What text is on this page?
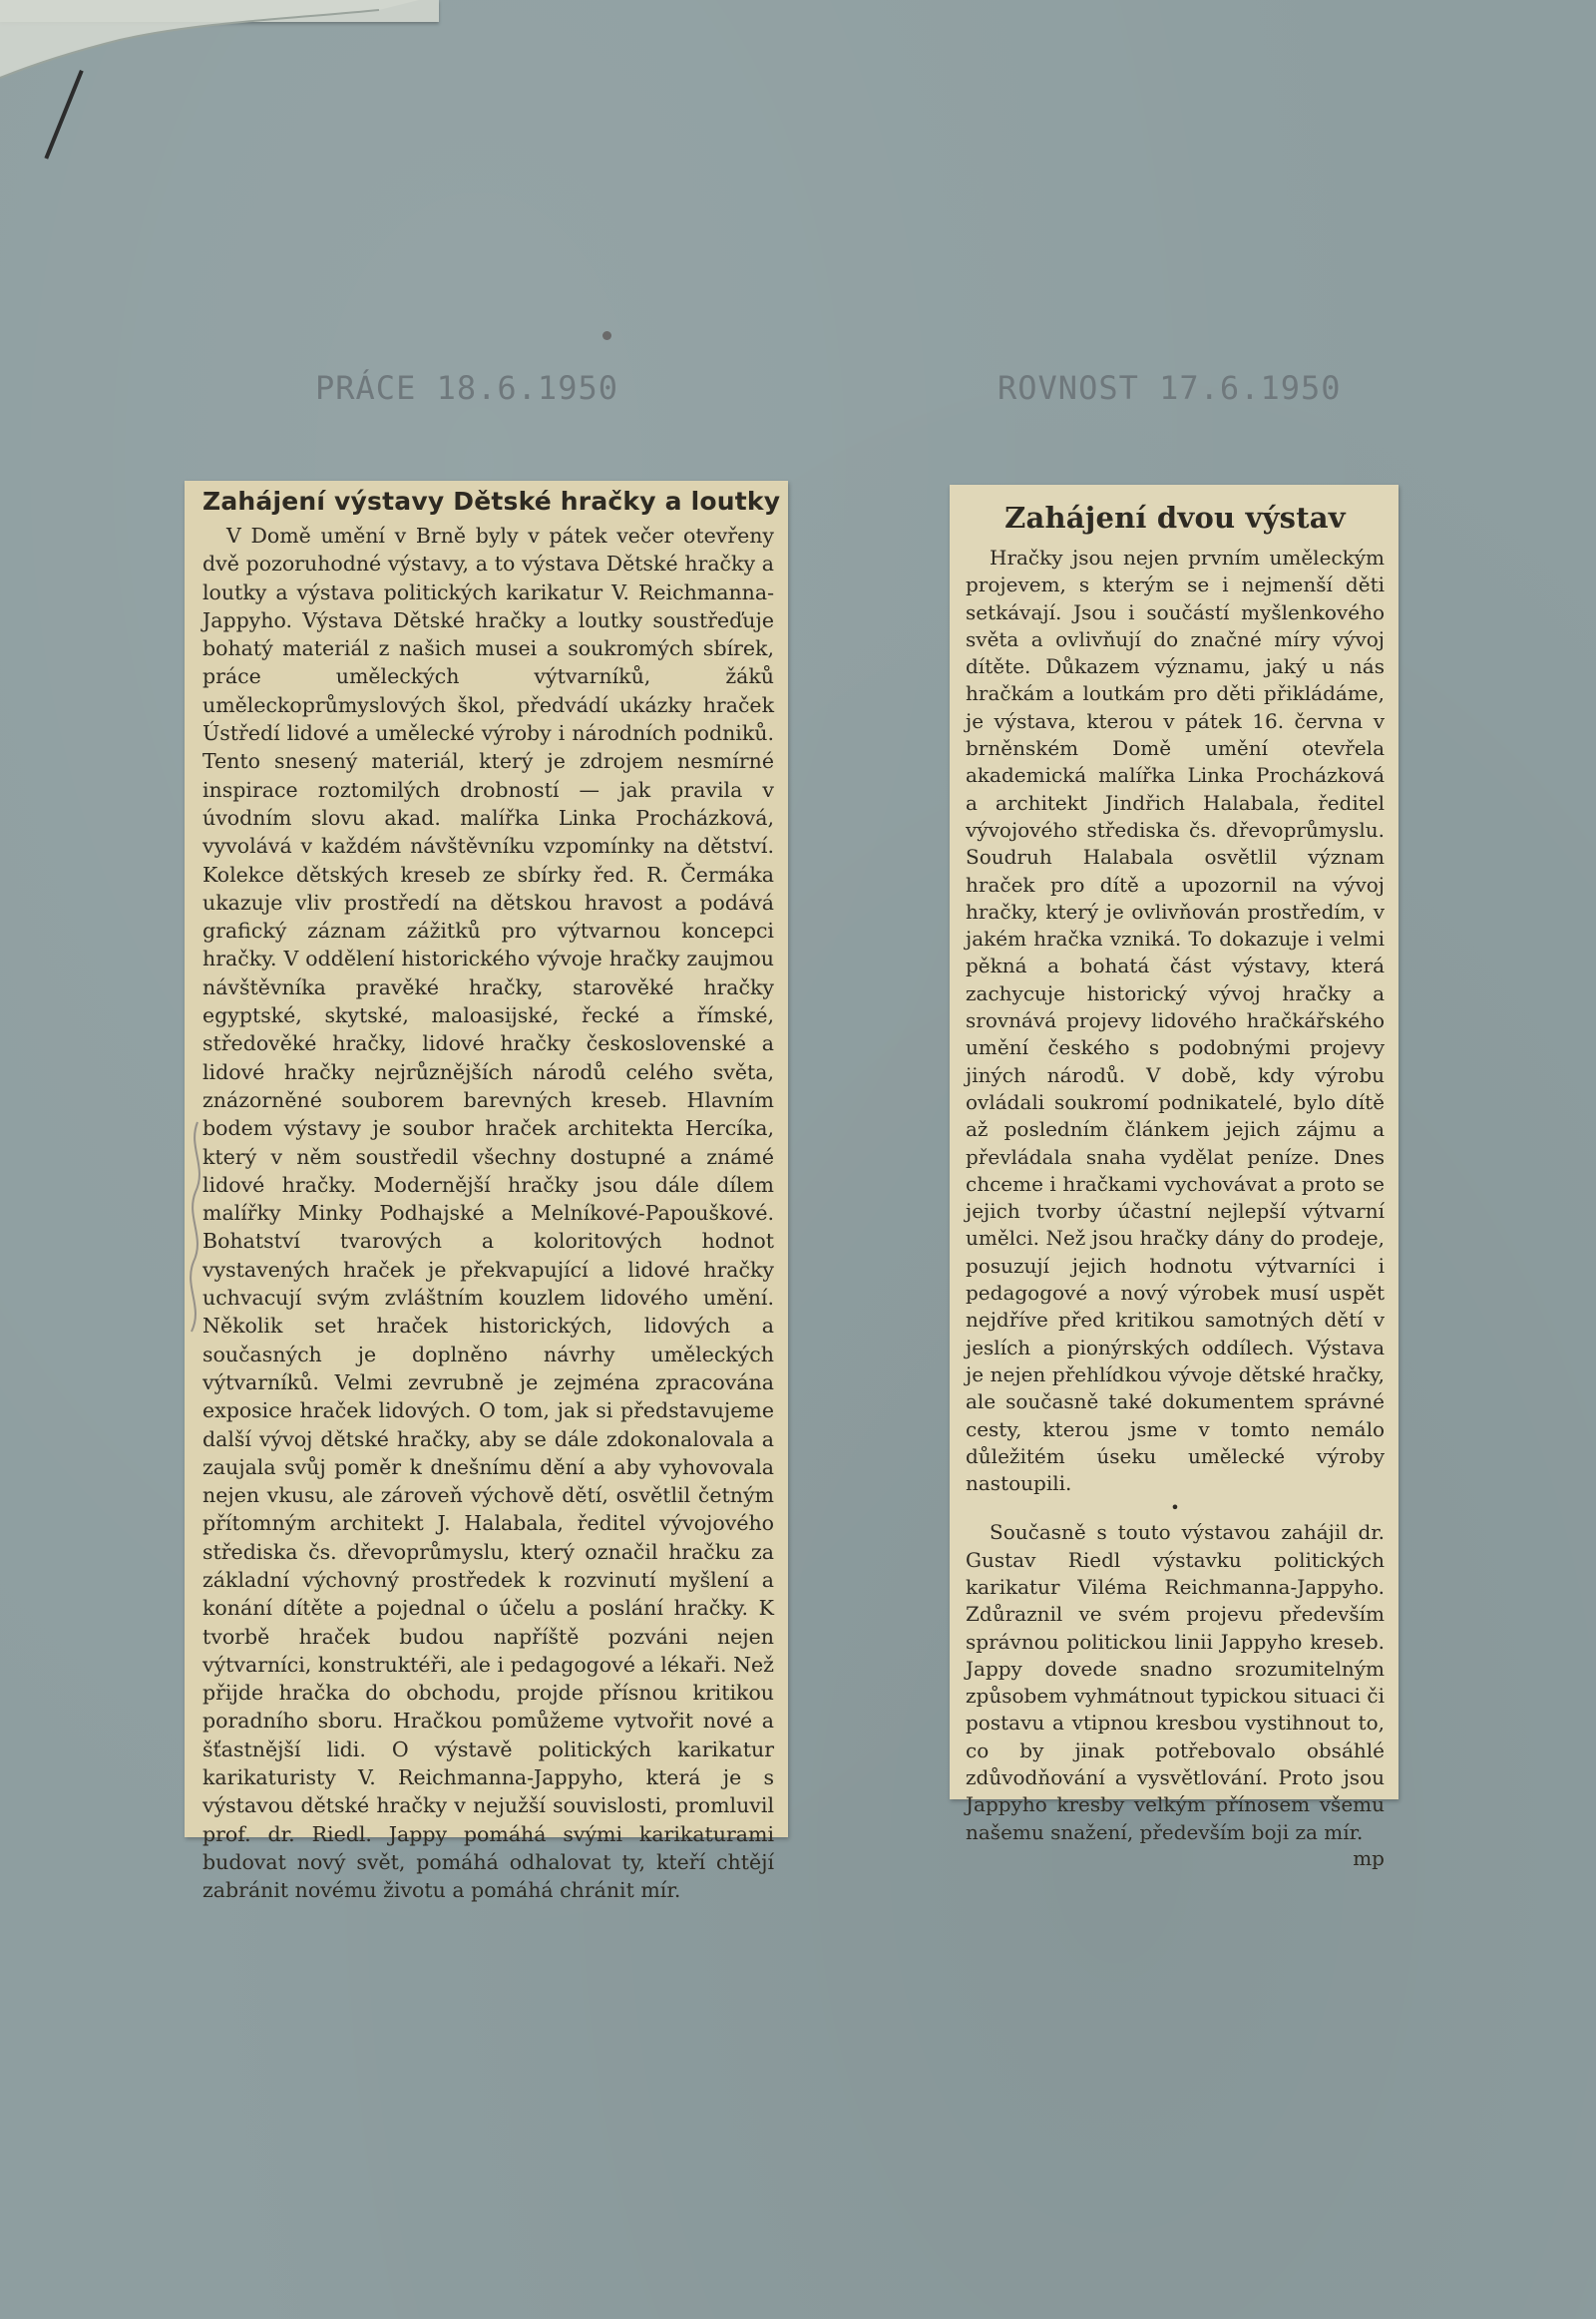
PRÁCE 18.6.1950	ROVNOST 17.6.1950
Zahájení výstavy Dětské hračky a loutky

V Domě umění v Brně byly v pátek večer otevřeny dvě pozoruhodné výstavy, a to výstava Dětské hračky a loutky a výstava politických karikatur V. Reichmanna-Jappyho. Výstava Dětské hračky a loutky soustřeďuje bohatý materiál z našich musei a soukromých sbírek, práce uměleckých výtvarníků, žáků uměleckoprůmyslových škol, předvádí ukázky hraček Ústředí lidové a umělecké výroby i národních podniků. Tento snesený materiál, který je zdrojem nesmírné inspirace roztomilých drobností — jak pravila v úvodním slovu akad. malířka Linka Procházková, vyvolává v každém návštěvníku vzpomínky na dětství. Kolekce dětských kreseb ze sbírky řed. R. Čermáka ukazuje vliv prostředí na dětskou hravost a podává grafický záznam zážitků pro výtvarnou koncepci hračky. V oddělení historického vývoje hračky zaujmou návštěvníka pravěké hračky, starověké hračky egyptské, skytské, maloasijské, řecké a římské, středověké hračky, lidové hračky československé a lidové hračky nejrůznějších národů celého světa, znázorněné souborem barevných kreseb. Hlavním bodem výstavy je soubor hraček architekta Hercíka, který v něm soustředil všechny dostupné a známé lidové hračky. Modernější hračky jsou dále dílem malířky Minky Podhajské a Melníkové-Papouškové. Bohatství tvarových a koloritových hodnot vystavených hraček je překvapující a lidové hračky uchvacují svým zvláštním kouzlem lidového umění. Několik set hraček historických, lidových a současných je doplněno návrhy uměleckých výtvarníků. Velmi zevrubně je zejména zpracována exposice hraček lidových. O tom, jak si představujeme další vývoj dětské hračky, aby se dále zdokonalovala a zaujala svůj poměr k dnešnímu dění a aby vyhovovala nejen vkusu, ale zároveň výchově dětí, osvětlil četným přítomným architekt J. Halabala, ředitel vývojového střediska čs. dřevoprůmyslu, který označil hračku za základní výchovný prostředek k rozvinutí myšlení a konání dítěte a pojednal o účelu a poslání hračky. K tvorbě hraček budou napříště pozváni nejen výtvarníci, konstruktéři, ale i pedagogové a lékaři. Než přijde hračka do obchodu, projde přísnou kritikou poradního sboru. Hračkou pomůžeme vytvořit nové a šťastnější lidi. O výstavě politických karikatur karikaturisty V. Reichmanna-Jappyho, která je s výstavou dětské hračky v nejužší souvislosti, promluvil prof. dr. Riedl. Jappy pomáhá svými karikaturami budovat nový svět, pomáhá odhalovat ty, kteří chtějí zabránit novému životu a pomáhá chránit mír.

Zahájení dvou výstav

Hračky jsou nejen prvním uměleckým projevem, s kterým se i nejmenší děti setkávají. Jsou i součástí myšlenkového světa a ovlivňují do značné míry vývoj dítěte. Důkazem významu, jaký u nás hračkám a loutkám pro děti přikládáme, je výstava, kterou v pátek 16. června v brněnském Domě umění otevřela akademická malířka Linka Procházková a architekt Jindřich Halabala, ředitel vývojového střediska čs. dřevoprůmyslu. Soudruh Halabala osvětlil význam hraček pro dítě a upozornil na vývoj hračky, který je ovlivňován prostředím, v jakém hračka vzniká. To dokazuje i velmi pěkná a bohatá část výstavy, která zachycuje historický vývoj hračky a srovnává projevy lidového hračkářského umění českého s podobnými projevy jiných národů. V době, kdy výrobu ovládali soukromí podnikatelé, bylo dítě až posledním článkem jejich zájmu a převládala snaha vydělat peníze. Dnes chceme i hračkami vychovávat a proto se jejich tvorby účastní nejlepší výtvarní umělci. Než jsou hračky dány do prodeje, posuzují jejich hodnotu výtvarníci i pedagogové a nový výrobek musí uspět nejdříve před kritikou samotných dětí v jeslích a pionýrských oddílech. Výstava je nejen přehlídkou vývoje dětské hračky, ale současně také dokumentem správné cesty, kterou jsme v tomto nemálo důležitém úseku umělecké výroby nastoupili.

•

Současně s touto výstavou zahájil dr. Gustav Riedl výstavku politických karikatur Viléma Reichmanna-Jappyho. Zdůraznil ve svém projevu především správnou politickou linii Jappyho kreseb. Jappy dovede snadno srozumitelným způsobem vyhmátnout typickou situaci či postavu a vtipnou kresbou vystihnout to, co by jinak potřebovalo obsáhlé zdůvodňování a vysvětlování. Proto jsou Jappyho kresby velkým přínosem všemu našemu snažení, především boji za mír.

mp
